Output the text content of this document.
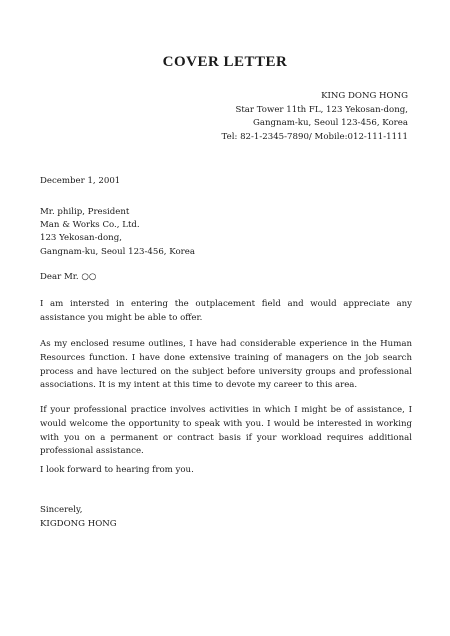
COVER LETTER
KING DONG HONG
Star Tower 11th FL, 123 Yekosan-dong,
Gangnam-ku, Seoul 123-456, Korea
Tel: 82-1-2345-7890/ Mobile:012-111-1111
December 1, 2001
Mr. philip, President
Man & Works Co., Ltd.
123 Yekosan-dong,
Gangnam-ku, Seoul 123-456, Korea
Dear Mr. ○○
I am intersted in entering the outplacement field and would appreciate any assistance you might be able to offer.
As my enclosed resume outlines, I have had considerable experience in the Human Resources function. I have done extensive training of managers on the job search process and have lectured on the subject before university groups and professional associations. It is my intent at this time to devote my career to this area.
If your professional practice involves activities in which I might be of assistance, I would welcome the opportunity to speak with you. I would be interested in working with you on a permanent or contract basis if your workload requires additional professional assistance.
I look forward to hearing from you.
Sincerely,
KIGDONG HONG
